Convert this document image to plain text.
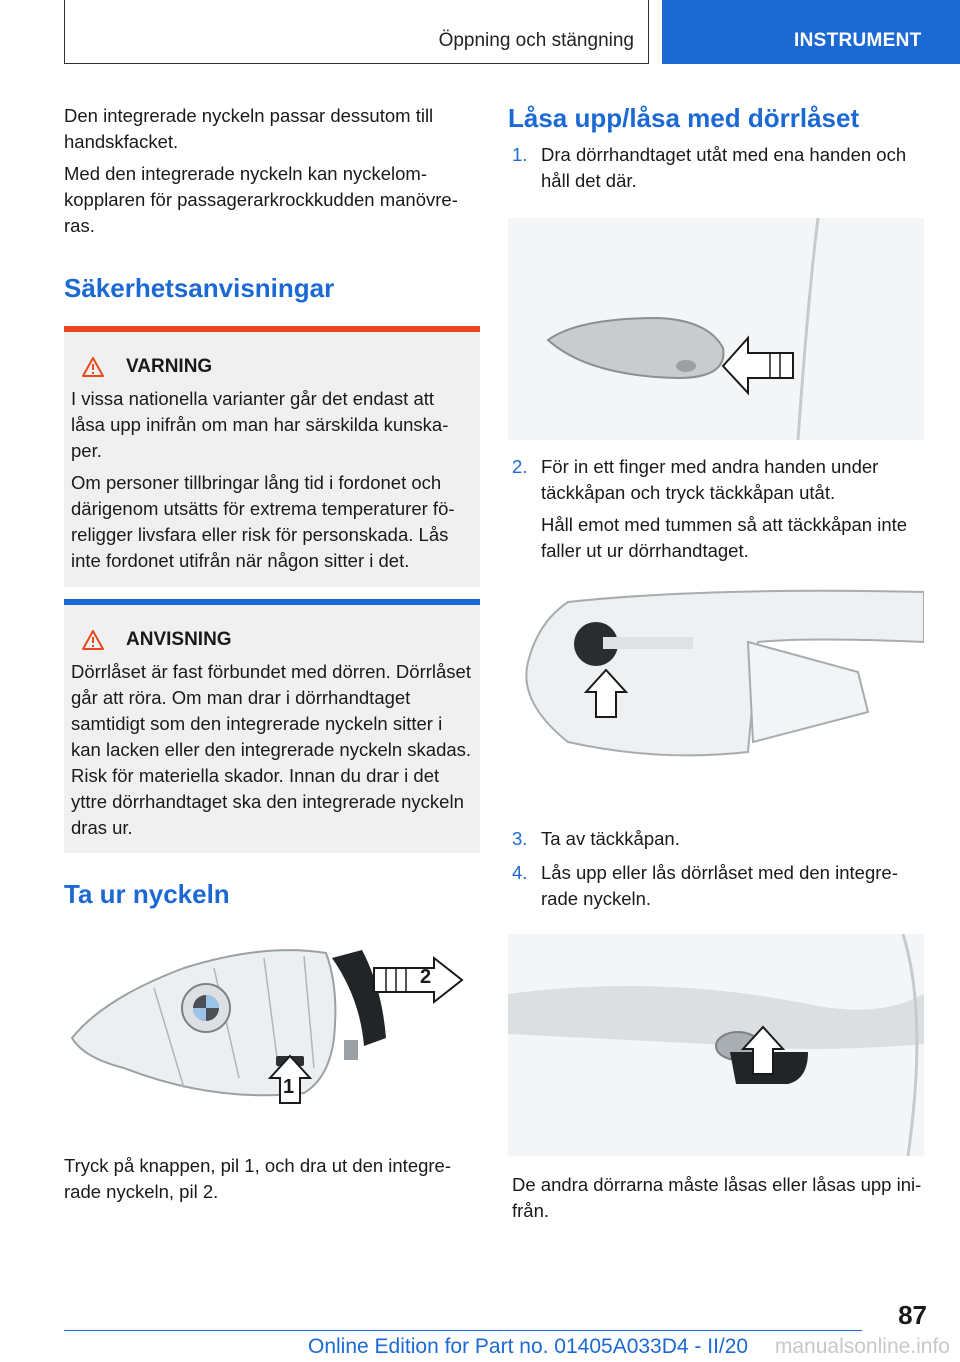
Öppning och stängning	INSTRUMENT

Den integrerade nyckeln passar dessutom till handskfacket.

Med den integrerade nyckeln kan nyckelomkopplaren för passagerarkrockkudden manövreras.

Säkerhetsanvisningar
VARNING

I vissa nationella varianter går det endast att låsa upp inifrån om man har särskilda kunskaper.

Om personer tillbringar lång tid i fordonet och därigenom utsätts för extrema temperaturer föreligger livsfara eller risk för personskada. Lås inte fordonet utifrån när någon sitter i det.

ANVISNING

Dörrlåset är fast förbundet med dörren. Dörrlåset går att röra. Om man drar i dörrhandtaget samtidigt som den integrerade nyckeln sitter i kan lacken eller den integrerade nyckeln skadas. Risk för materiella skador. Innan du drar i det yttre dörrhandtaget ska den integrerade nyckeln dras ur.

Ta ur nyckeln
2
1

Tryck på knappen, pil 1, och dra ut den integrerade nyckeln, pil 2.

Låsa upp/låsa med dörrlåset
1. Dra dörrhandtaget utåt med ena handen och håll det där.
2. För in ett finger med andra handen under täckkåpan och tryck täckkåpan utåt.
Håll emot med tummen så att täckkåpan inte faller ut ur dörrhandtaget.
3. Ta av täckkåpan.
4. Lås upp eller lås dörrlåset med den integrerade nyckeln.

De andra dörrarna måste låsas eller låsas upp inifrån.

87
Online Edition for Part no. 01405A033D4 - II/20 manualsonline.info
